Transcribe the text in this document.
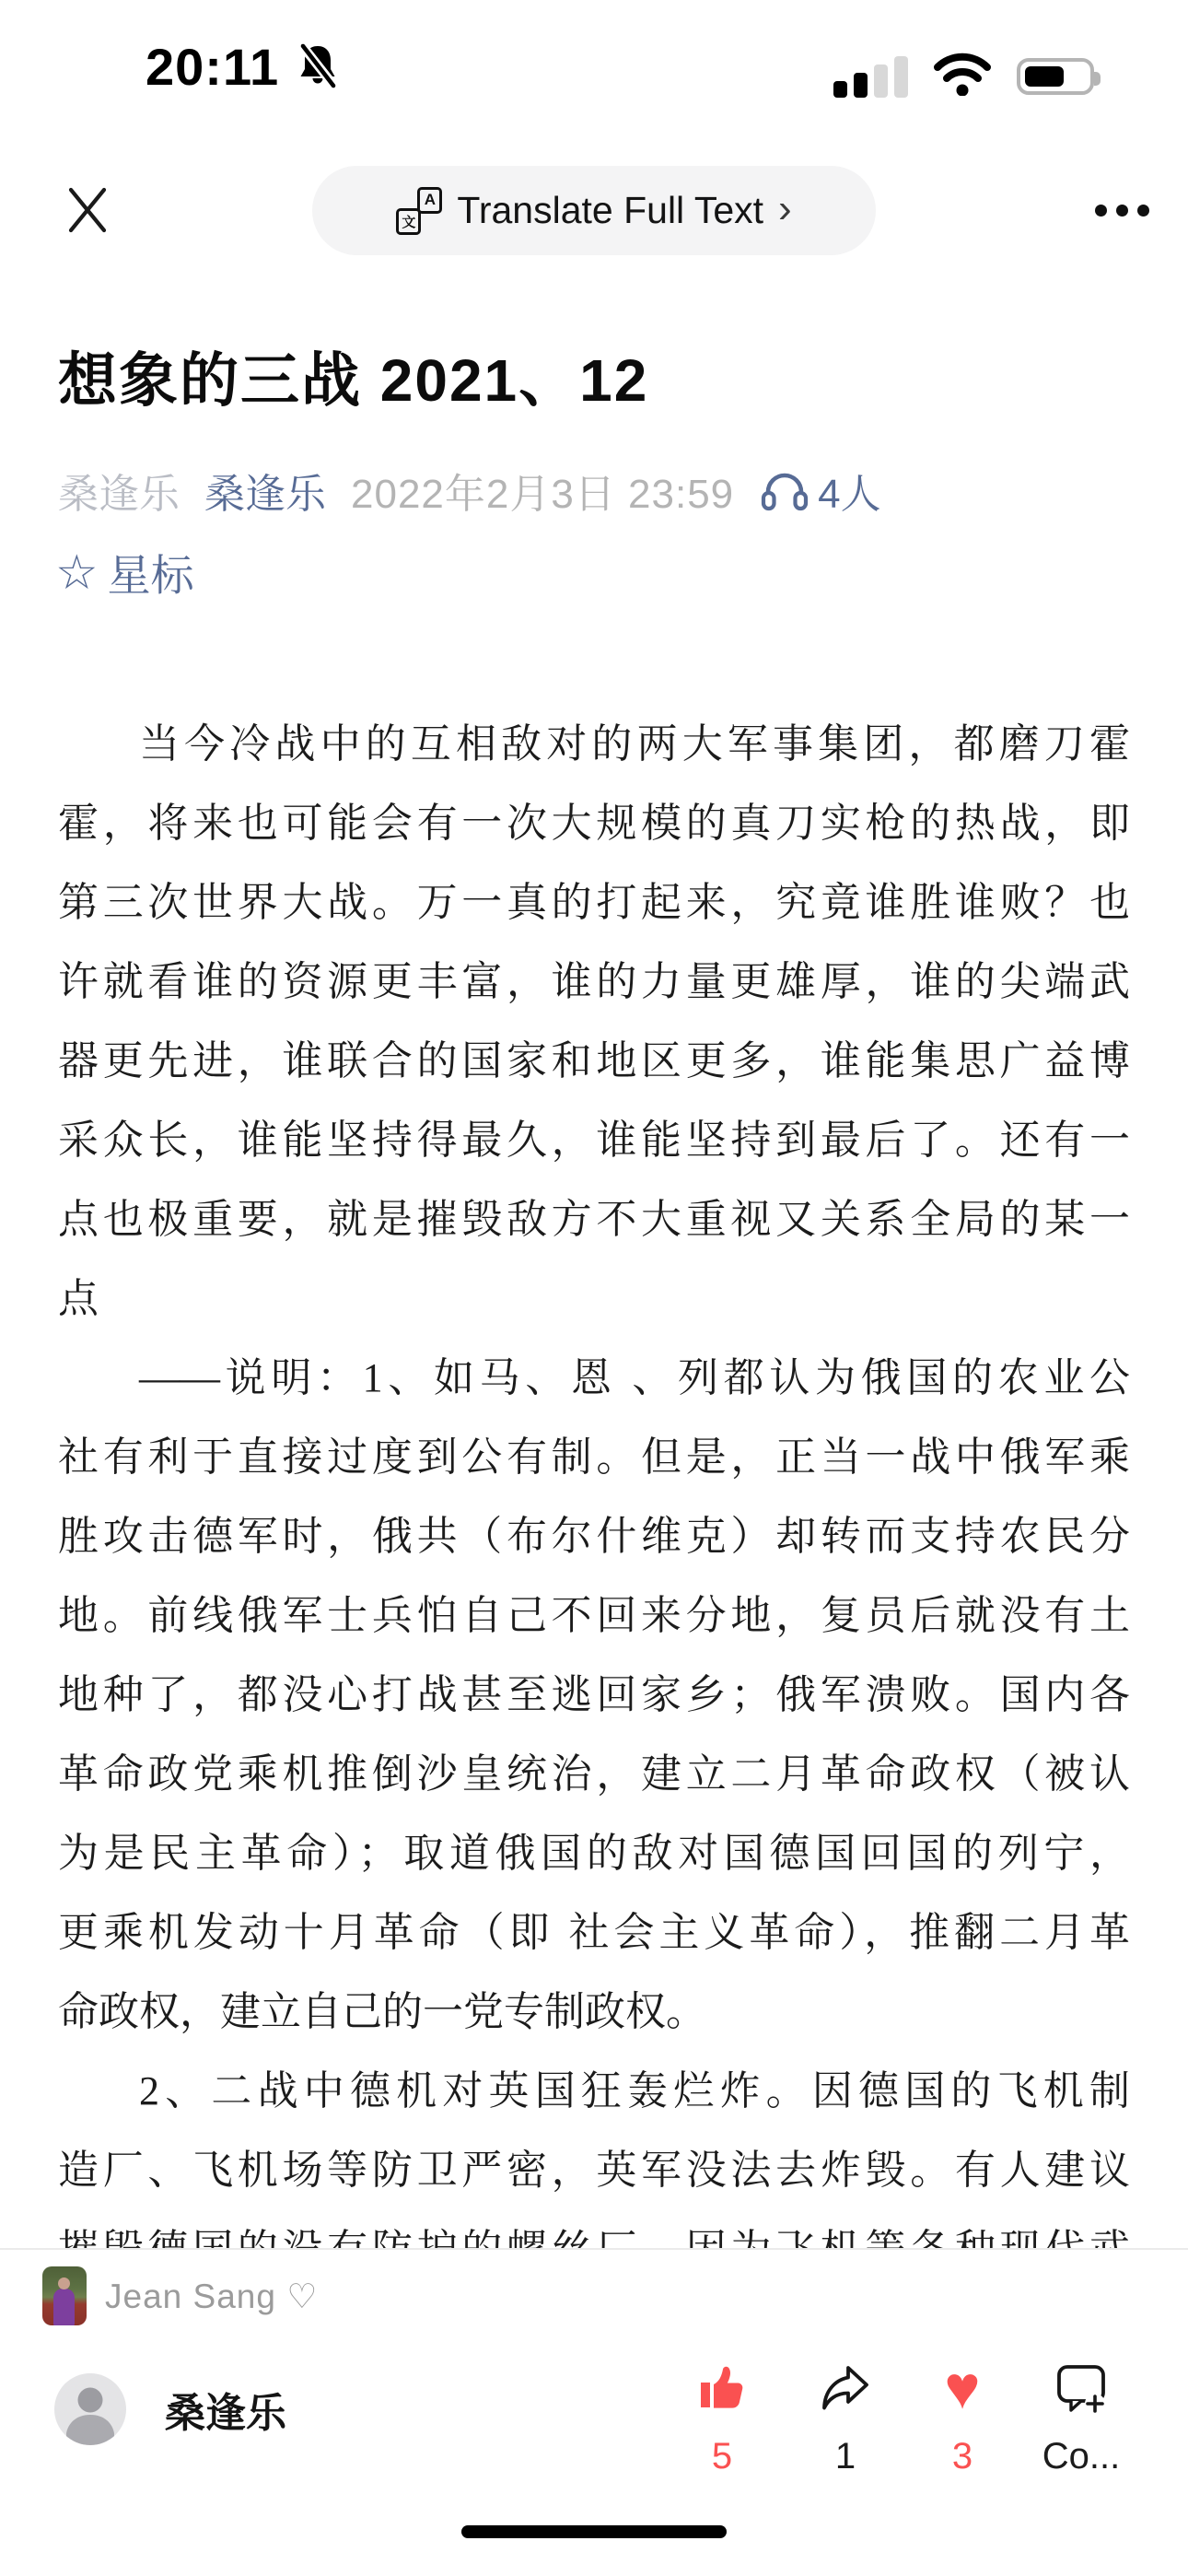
20:11
A
文 Translate Full Text ›
想象的三战 2021、12
桑逢乐 桑逢乐 2022年2月3日 23:59 4人
☆ 星标
当今冷战中的互相敌对的两大军事集团，都磨刀霍
霍，将来也可能会有一次大规模的真刀实枪的热战，即
第三次世界大战。万一真的打起来，究竟谁胜谁败？也
许就看谁的资源更丰富，谁的力量更雄厚，谁的尖端武
器更先进，谁联合的国家和地区更多，谁能集思广益博
采众长，谁能坚持得最久，谁能坚持到最后了。还有一
点也极重要，就是摧毁敌方不大重视又关系全局的某一
点
——说明：1、如马、恩 、列都认为俄国的农业公
社有利于直接过度到公有制。但是，正当一战中俄军乘
胜攻击德军时，俄共（布尔什维克）却转而支持农民分
地。前线俄军士兵怕自己不回来分地，复员后就没有土
地种了，都没心打战甚至逃回家乡；俄军溃败。国内各
革命政党乘机推倒沙皇统治，建立二月革命政权（被认
为是民主革命）；取道俄国的敌对国德国回国的列宁，
更乘机发动十月革命（即 社会主义革命），推翻二月革
命政权，建立自己的一党专制政权。
2、二战中德机对英国狂轰烂炸。因德国的飞机制
造厂、飞机场等防卫严密，英军没法去炸毁。有人建议
Jean Sang ♡
桑逢乐
5	1
♥
3 Co...
